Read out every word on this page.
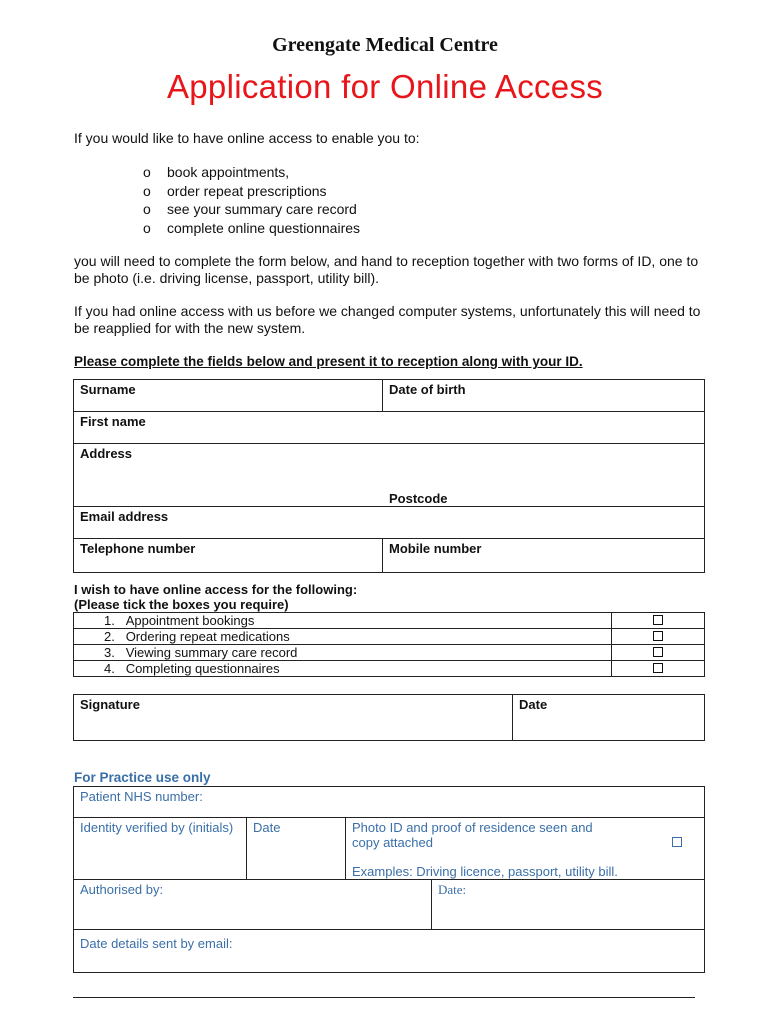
Greengate Medical Centre
Application for Online Access
If you would like to have online access to enable you to:
o book appointments,
o order repeat prescriptions
o see your summary care record
o complete online questionnaires
you will need to complete the form below, and hand to reception together with two forms of ID, one to be photo (i.e. driving license, passport, utility bill).
If you had online access with us before we changed computer systems, unfortunately this will need to be reapplied for with the new system.
Please complete the fields below and present it to reception along with your ID.
Surname	Date of birth
First name	
Address
Postcode	

Email address	
Telephone number	Mobile number
I wish to have online access for the following:
(Please tick the boxes you require)
1. Appointment bookings	
2. Ordering repeat medications	
3. Viewing summary care record	
4. Completing questionnaires	
Signature	Date
For Practice use only
Patient NHS number:			
Identity verified by (initials)	Date	Photo ID and proof of residence seen and copy attached
Examples: Driving licence, passport, utility bill.	

Authorised by:			Date:
Date details sent by email:			
